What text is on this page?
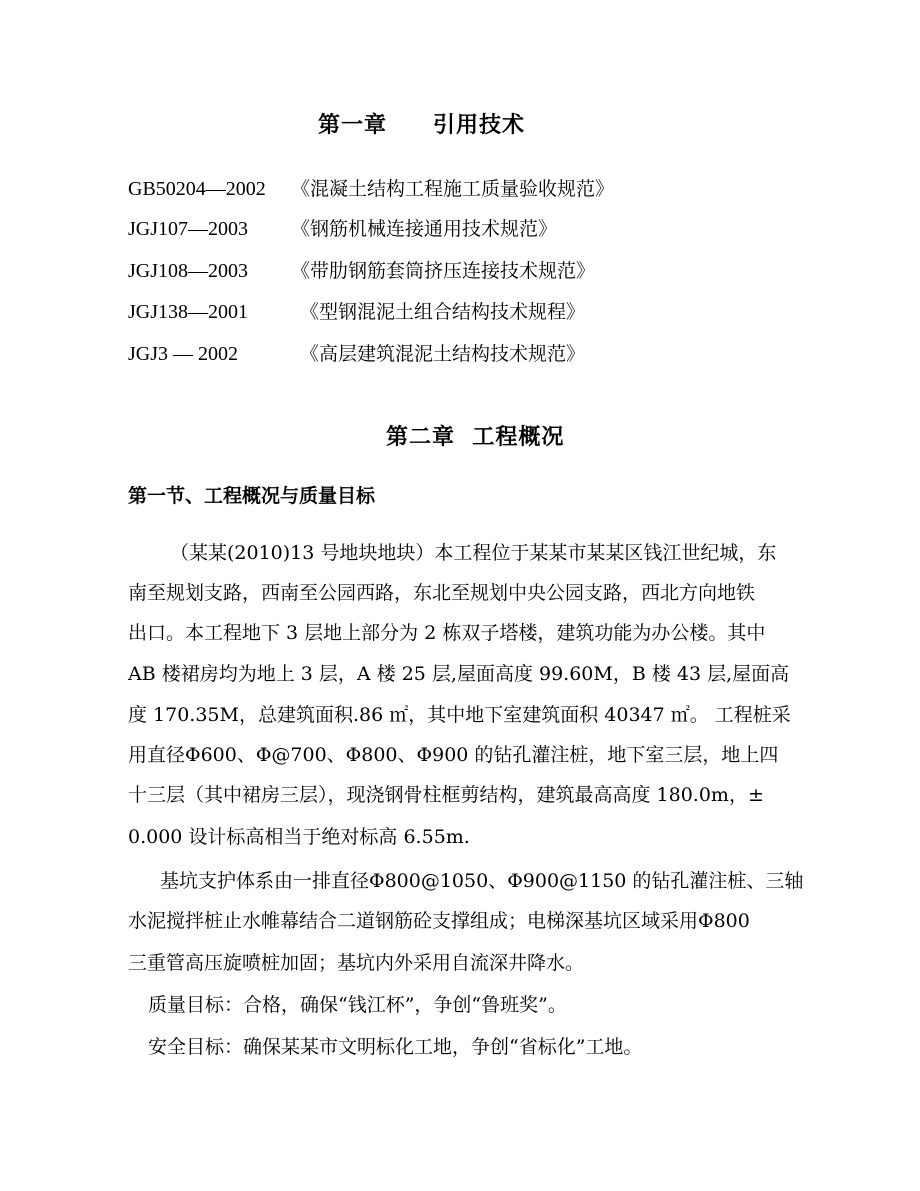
第一章　　引用技术
GB50204—2002 《混凝土结构工程施工质量验收规范》
JGJ107—2003 《钢筋机械连接通用技术规范》
JGJ108—2003 《带肋钢筋套筒挤压连接技术规范》
JGJ138—2001	《型钢混泥土组合结构技术规程》
JGJ3 — 2002	《高层建筑混泥土结构技术规范》
第二章  工程概况
第一节、工程概况与质量目标
（某某(2010)13 号地块地块）本工程位于某某市某某区钱江世纪城，东
南至规划支路，西南至公园西路，东北至规划中央公园支路，西北方向地铁
出口。本工程地下 3 层地上部分为 2 栋双子塔楼，建筑功能为办公楼。其中
AB 楼裙房均为地上 3 层，A 楼 25 层,屋面高度 99.60M，B 楼 43 层,屋面高
度 170.35M，总建筑面积.86 ㎡，其中地下室建筑面积 40347 ㎡。 工程桩采
用直径Φ600、Φ@700、Φ800、Φ900 的钻孔灌注桩，地下室三层，地上四
十三层（其中裙房三层），现浇钢骨柱框剪结构，建筑最高高度 180.0m，±
0.000 设计标高相当于绝对标高 6.55m.
基坑支护体系由一排直径Φ800@1050、Φ900@1150 的钻孔灌注桩、三轴
水泥搅拌桩止水帷幕结合二道钢筋砼支撑组成；电梯深基坑区域采用Φ800
三重管高压旋喷桩加固；基坑内外采用自流深井降水。
质量目标：合格，确保“钱江杯”，争创“鲁班奖”。
安全目标：确保某某市文明标化工地，争创“省标化”工地。
